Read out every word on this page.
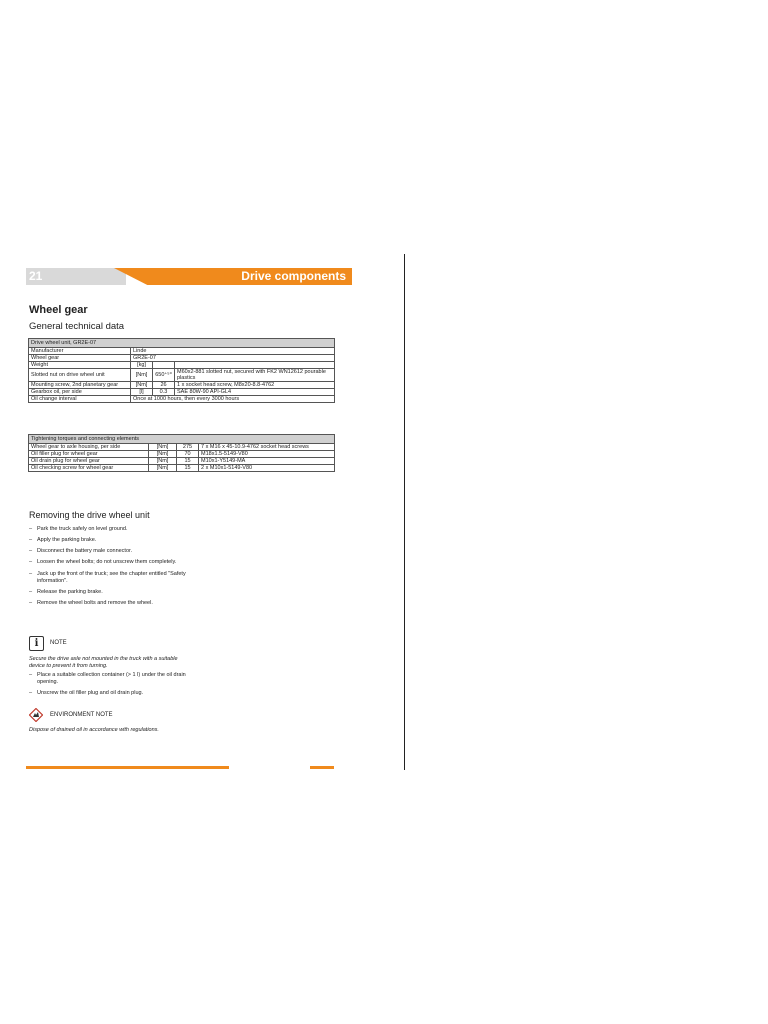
21	Drive components
Wheel gear
General technical data
Drive wheel unit, GR2E-07			
Manufacturer	Linde		
Wheel gear	GR2E-07		
Weight	[kg]		
Slotted nut on drive wheel unit	[Nm]	650⁺⁵⁰	M60x2-881 slotted nut, secured with FK2 WN12612 pourable plastics
Mounting screw, 2nd planetary gear	[Nm]	26	1 x socket head screw, M8x20-8.8-4762
Gearbox oil, per side	[l]	0.3	SAE 80W-90 API-GL4
Oil change interval	Once at 1000 hours, then every 3000 hours		
Tightening torques and connecting elements			
Wheel gear to axle housing, per side	[Nm]	275	7 x M16 x 45-10.9-4762 socket head screws
Oil filler plug for wheel gear	[Nm]	70	M18x1.5-5149-V80
Oil drain plug for wheel gear	[Nm]	15	M10x1-Y5149-MA
Oil checking screw for wheel gear	[Nm]	15	2 x M10x1-5149-V80
Removing the drive wheel unit
– Park the truck safely on level ground.
– Apply the parking brake.
– Disconnect the battery male connector.
– Loosen the wheel bolts; do not unscrew them completely.
– Jack up the front of the truck; see the chapter entitled "Safety information".
– Release the parking brake.
– Remove the wheel bolts and remove the wheel.
i	NOTE
Secure the drive axle not mounted in the truck with a suitable device to prevent it from turning.
– Place a suitable collection container (> 1 l) under the oil drain opening.
– Unscrew the oil filler plug and oil drain plug.
ENVIRONMENT NOTE
Dispose of drained oil in accordance with regulations.
